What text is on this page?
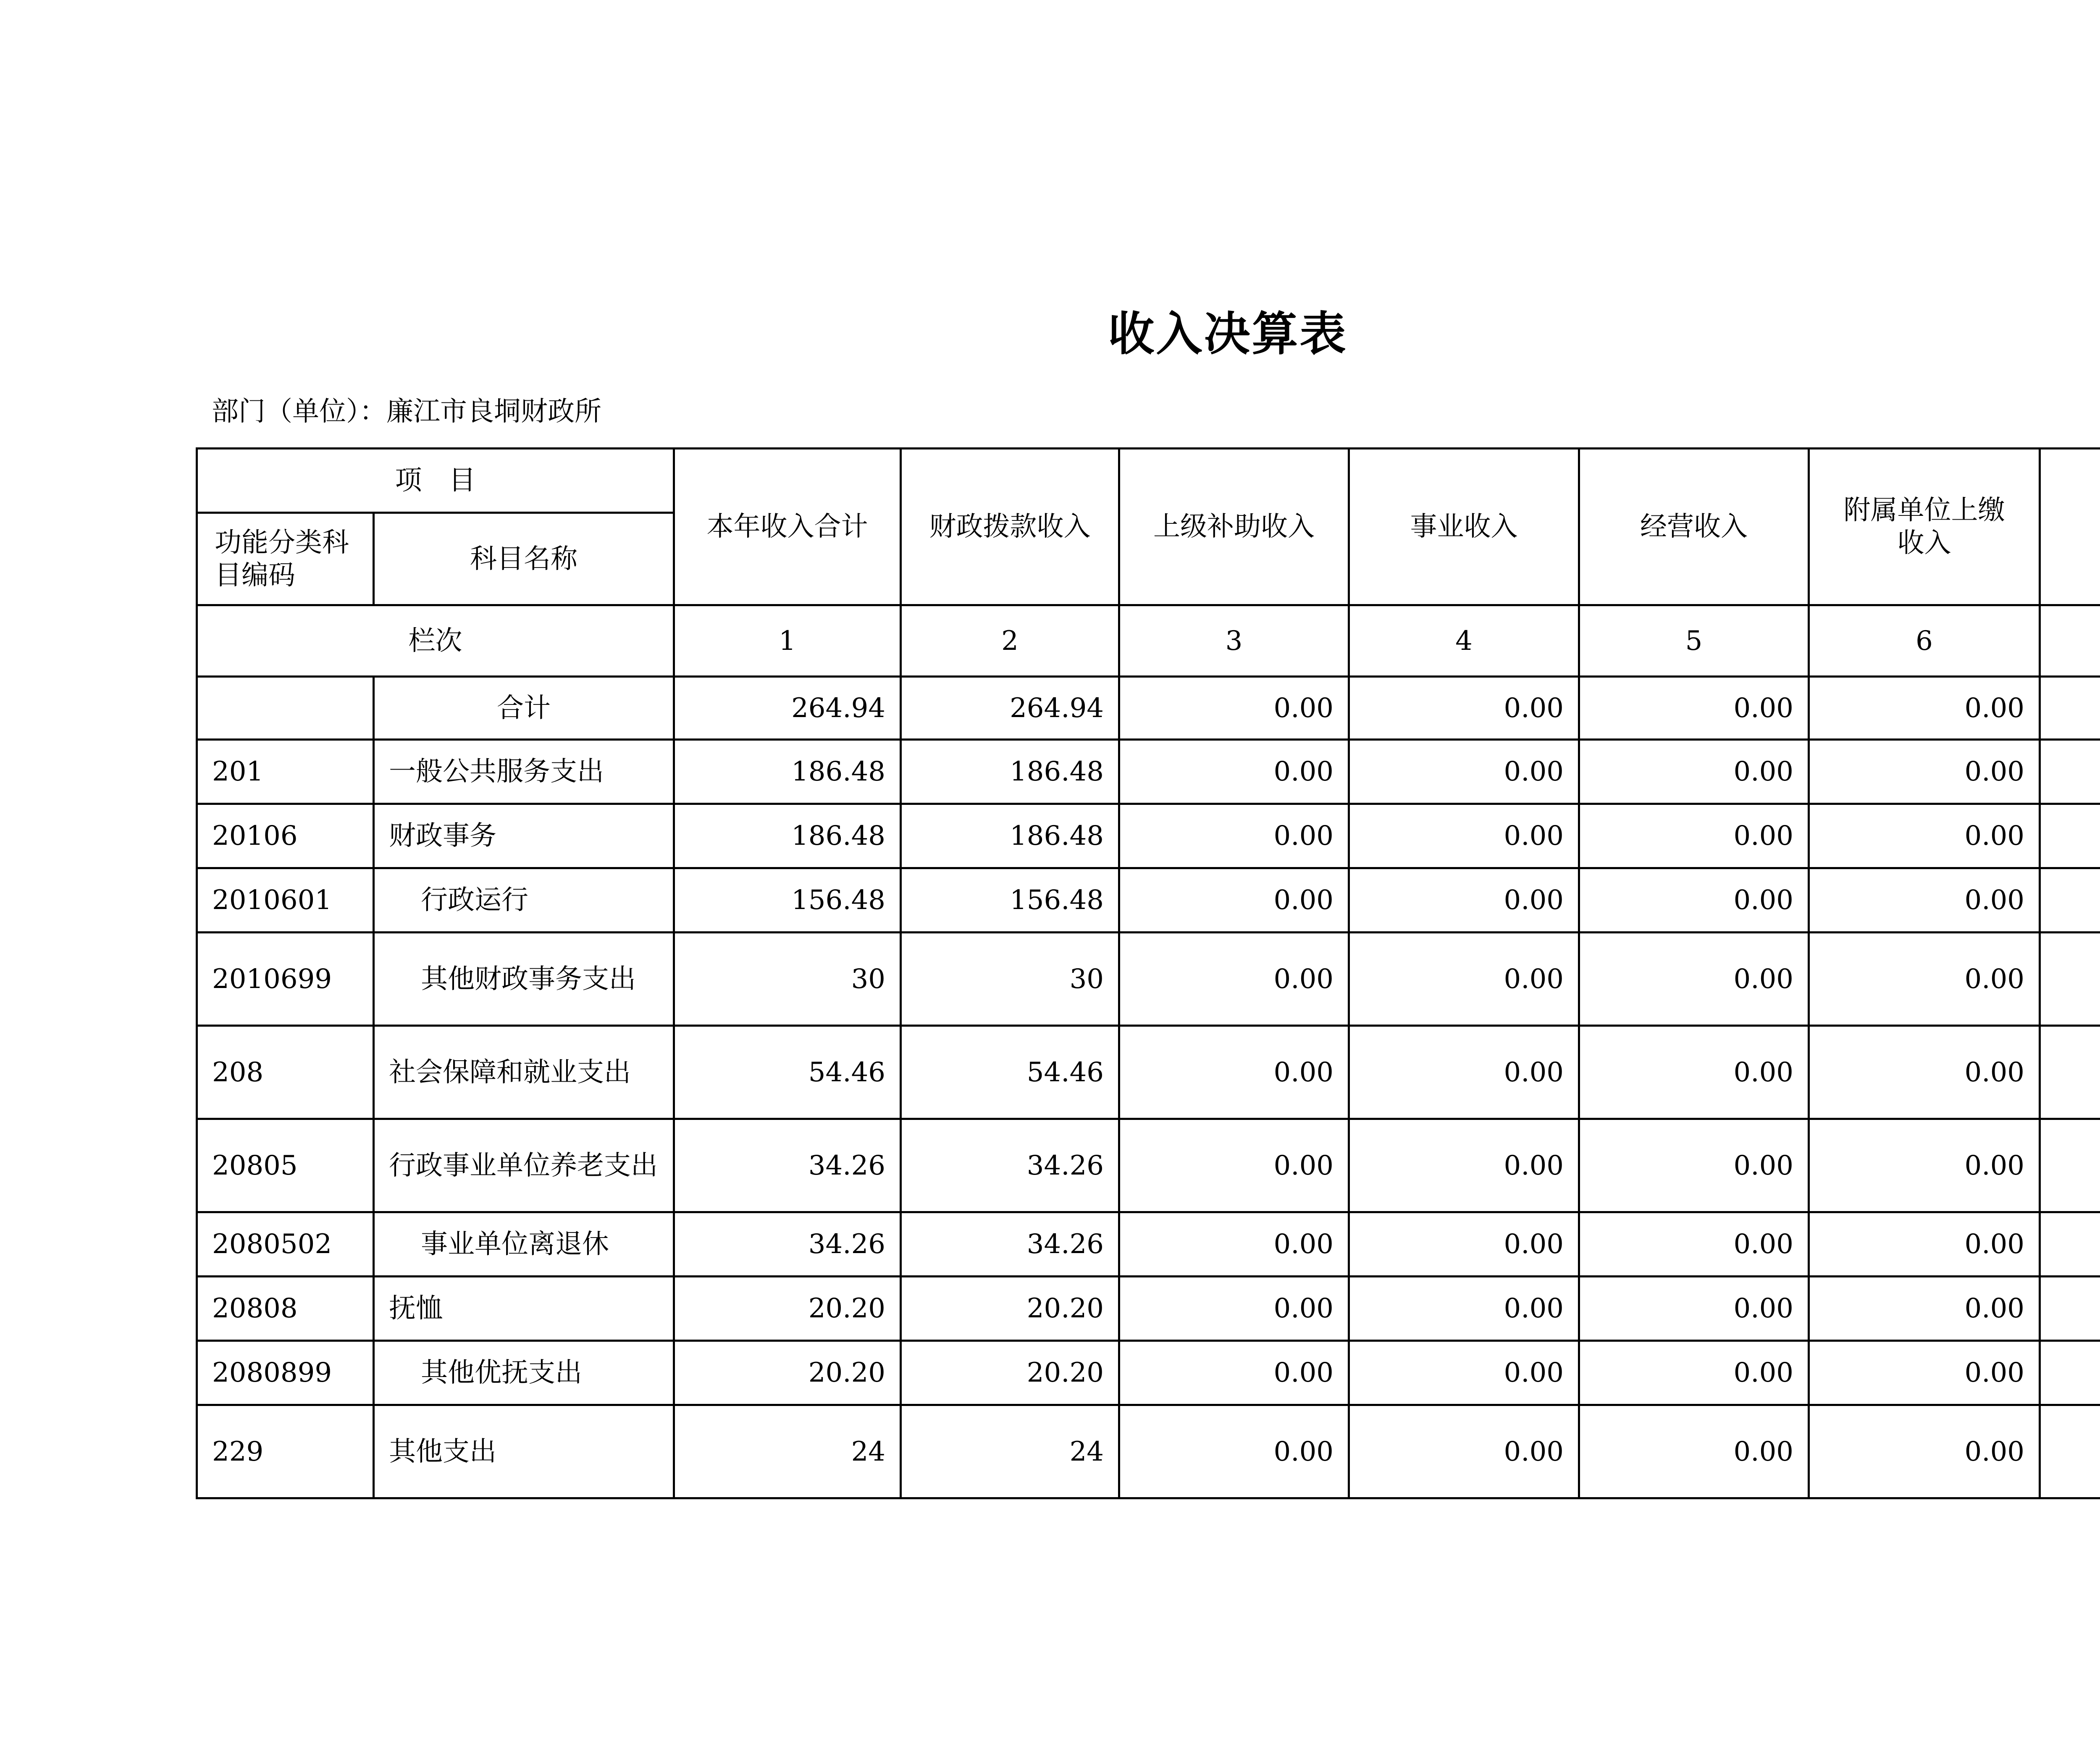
收入决算表
部门（单位）：廉江市良垌财政所
项　目		本年收入合计	财政拨款收入	上级补助收入	事业收入	经营收入	附属单位上缴收入	
功能分类科目编码	科目名称							
栏次		1	2	3	4	5	6	
	合计	264.94	264.94	0.00	0.00	0.00	0.00	
201	一般公共服务支出	186.48	186.48	0.00	0.00	0.00	0.00	
20106	财政事务	186.48	186.48	0.00	0.00	0.00	0.00	
2010601	行政运行	156.48	156.48	0.00	0.00	0.00	0.00	
2010699	其他财政事务支出	30	30	0.00	0.00	0.00	0.00	
208	社会保障和就业支出	54.46	54.46	0.00	0.00	0.00	0.00	
20805	行政事业单位养老支出	34.26	34.26	0.00	0.00	0.00	0.00	
2080502	事业单位离退休	34.26	34.26	0.00	0.00	0.00	0.00	
20808	抚恤	20.20	20.20	0.00	0.00	0.00	0.00	
2080899	其他优抚支出	20.20	20.20	0.00	0.00	0.00	0.00	
229	其他支出	24	24	0.00	0.00	0.00	0.00	
